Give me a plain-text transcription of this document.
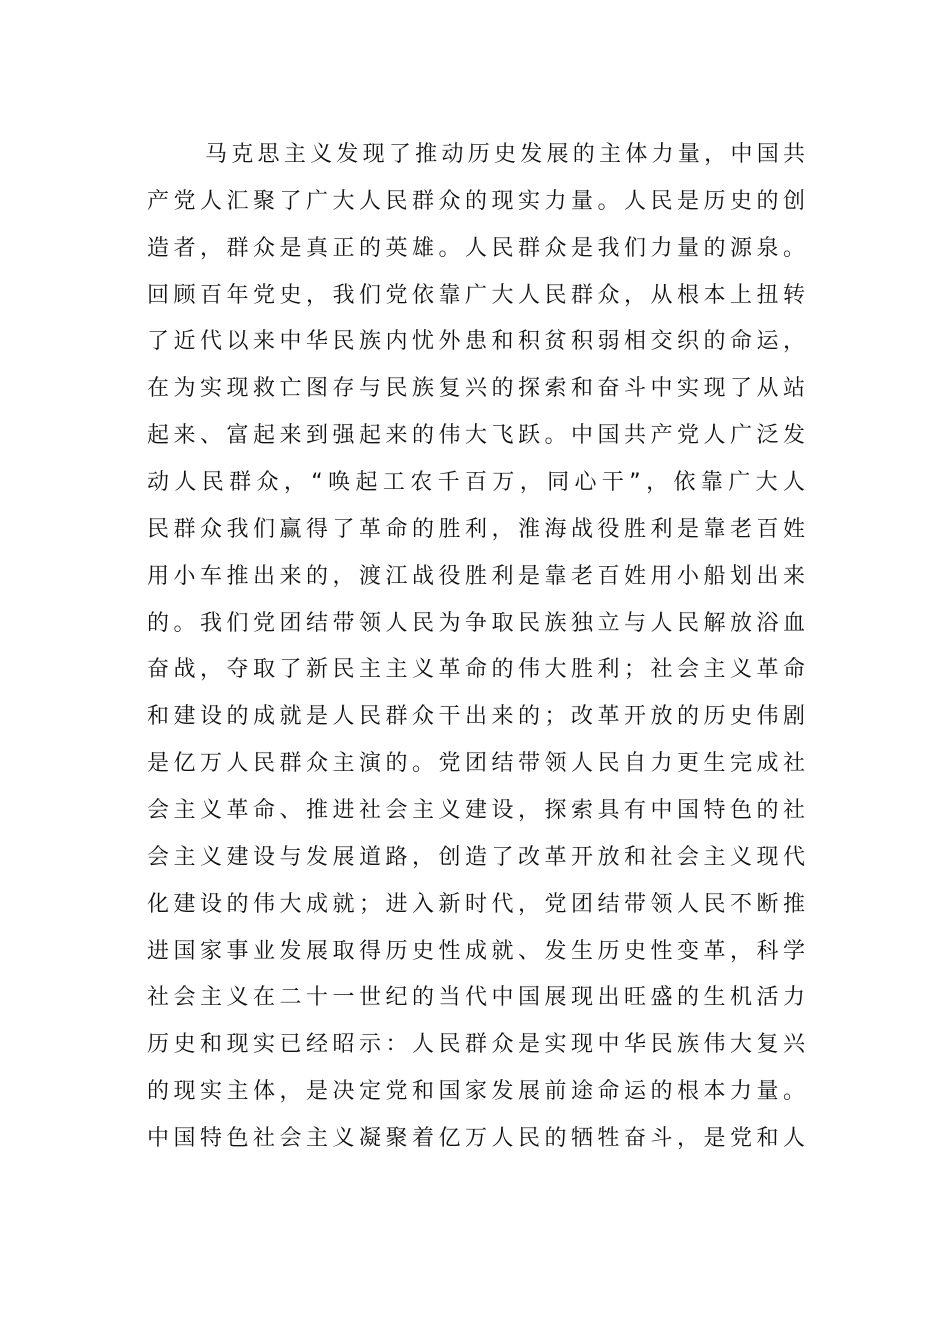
马克思主义发现了推动历史发展的主体力量，中国共
产党人汇聚了广大人民群众的现实力量。人民是历史的创
造者，群众是真正的英雄。人民群众是我们力量的源泉。
回顾百年党史，我们党依靠广大人民群众，从根本上扭转
了近代以来中华民族内忧外患和积贫积弱相交织的命运，
在为实现救亡图存与民族复兴的探索和奋斗中实现了从站
起来、富起来到强起来的伟大飞跃。中国共产党人广泛发
动人民群众，“唤起工农千百万，同心干”，依靠广大人
民群众我们赢得了革命的胜利，淮海战役胜利是靠老百姓
用小车推出来的，渡江战役胜利是靠老百姓用小船划出来
的。我们党团结带领人民为争取民族独立与人民解放浴血
奋战，夺取了新民主主义革命的伟大胜利；社会主义革命
和建设的成就是人民群众干出来的；改革开放的历史伟剧
是亿万人民群众主演的。党团结带领人民自力更生完成社
会主义革命、推进社会主义建设，探索具有中国特色的社
会主义建设与发展道路，创造了改革开放和社会主义现代
化建设的伟大成就；进入新时代，党团结带领人民不断推
进国家事业发展取得历史性成就、发生历史性变革，科学
社会主义在二十一世纪的当代中国展现出旺盛的生机活力
历史和现实已经昭示：人民群众是实现中华民族伟大复兴
的现实主体，是决定党和国家发展前途命运的根本力量。
中国特色社会主义凝聚着亿万人民的牺牲奋斗，是党和人
